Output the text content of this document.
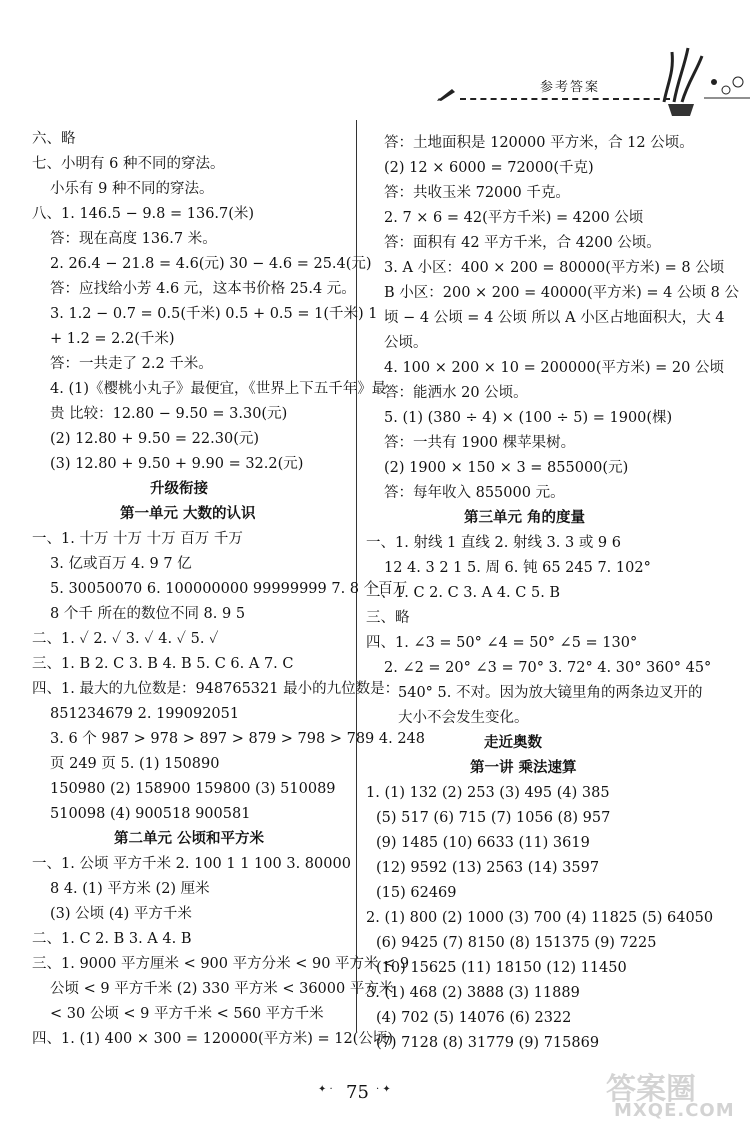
参考答案
六、略
七、小明有 6 种不同的穿法。
小乐有 9 种不同的穿法。
八、1. 146.5 − 9.8 = 136.7(米)
答：现在高度 136.7 米。
2. 26.4 − 21.8 = 4.6(元) 30 − 4.6 = 25.4(元)
答：应找给小芳 4.6 元，这本书价格 25.4 元。
3. 1.2 − 0.7 = 0.5(千米) 0.5 + 0.5 = 1(千米) 1
+ 1.2 = 2.2(千米)
答：一共走了 2.2 千米。
4. (1)《樱桃小丸子》最便宜，《世界上下五千年》最
贵 比较：12.80 − 9.50 = 3.30(元)
(2) 12.80 + 9.50 = 22.30(元)
(3) 12.80 + 9.50 + 9.90 = 32.2(元)
升级衔接
第一单元 大数的认识
一、1. 十万 十万 十万 百万 千万
3. 亿或百万 4. 9 7 亿
5. 30050070 6. 100000000 99999999 7. 8 个百万
8 个千 所在的数位不同 8. 9 5
二、1. ✓ 2. ✓ 3. ✓ 4. ✓ 5. ✓
三、1. B 2. C 3. B 4. B 5. C 6. A 7. C
四、1. 最大的九位数是：948765321 最小的九位数是：
851234679 2. 199092051
3. 6 个 987 > 978 > 897 > 879 > 798 > 789 4. 248
页 249 页 5. (1) 150890
150980 (2) 158900 159800 (3) 510089
510098 (4) 900518 900581
第二单元 公顷和平方米
一、1. 公顷 平方千米 2. 100 1 1 100 3. 80000
8 4. (1) 平方米 (2) 厘米
(3) 公顷 (4) 平方千米
二、1. C 2. B 3. A 4. B
三、1. 9000 平方厘米 < 900 平方分米 < 90 平方米 < 9
公顷 < 9 平方千米 (2) 330 平方米 < 36000 平方米
< 30 公顷 < 9 平方千米 < 560 平方千米
四、1. (1) 400 × 300 = 120000(平方米) = 12(公顷)
答：土地面积是 120000 平方米，合 12 公顷。
(2) 12 × 6000 = 72000(千克)
答：共收玉米 72000 千克。
2. 7 × 6 = 42(平方千米) = 4200 公顷
答：面积有 42 平方千米，合 4200 公顷。
3. A 小区：400 × 200 = 80000(平方米) = 8 公顷
B 小区：200 × 200 = 40000(平方米) = 4 公顷 8 公
顷 − 4 公顷 = 4 公顷 所以 A 小区占地面积大，大 4
公顷。
4. 100 × 200 × 10 = 200000(平方米) = 20 公顷
答：能洒水 20 公顷。
5. (1) (380 ÷ 4) × (100 ÷ 5) = 1900(棵)
答：一共有 1900 棵苹果树。
(2) 1900 × 150 × 3 = 855000(元)
答：每年收入 855000 元。
第三单元 角的度量
一、1. 射线 1 直线 2. 射线 3. 3 或 9 6
12 4. 3 2 1 5. 周 6. 钝 65 245 7. 102°
二、1. C 2. C 3. A 4. C 5. B
三、略
四、1. ∠3 = 50° ∠4 = 50° ∠5 = 130°
2. ∠2 = 20° ∠3 = 70° 3. 72° 4. 30° 360° 45°
540° 5. 不对。因为放大镜里角的两条边叉开的
大小不会发生变化。
走近奥数
第一讲 乘法速算
1. (1) 132 (2) 253 (3) 495 (4) 385
(5) 517 (6) 715 (7) 1056 (8) 957
(9) 1485 (10) 6633 (11) 3619
(12) 9592 (13) 2563 (14) 3597
(15) 62469
2. (1) 800 (2) 1000 (3) 700 (4) 11825 (5) 64050
(6) 9425 (7) 8150 (8) 151375 (9) 7225
(10) 15625 (11) 18150 (12) 11450
3. (1) 468 (2) 3888 (3) 11889
(4) 702 (5) 14076 (6) 2322
(7) 7128 (8) 31779 (9) 715869
✦ · 75 · ✦	答案圈
MXQE.COM
